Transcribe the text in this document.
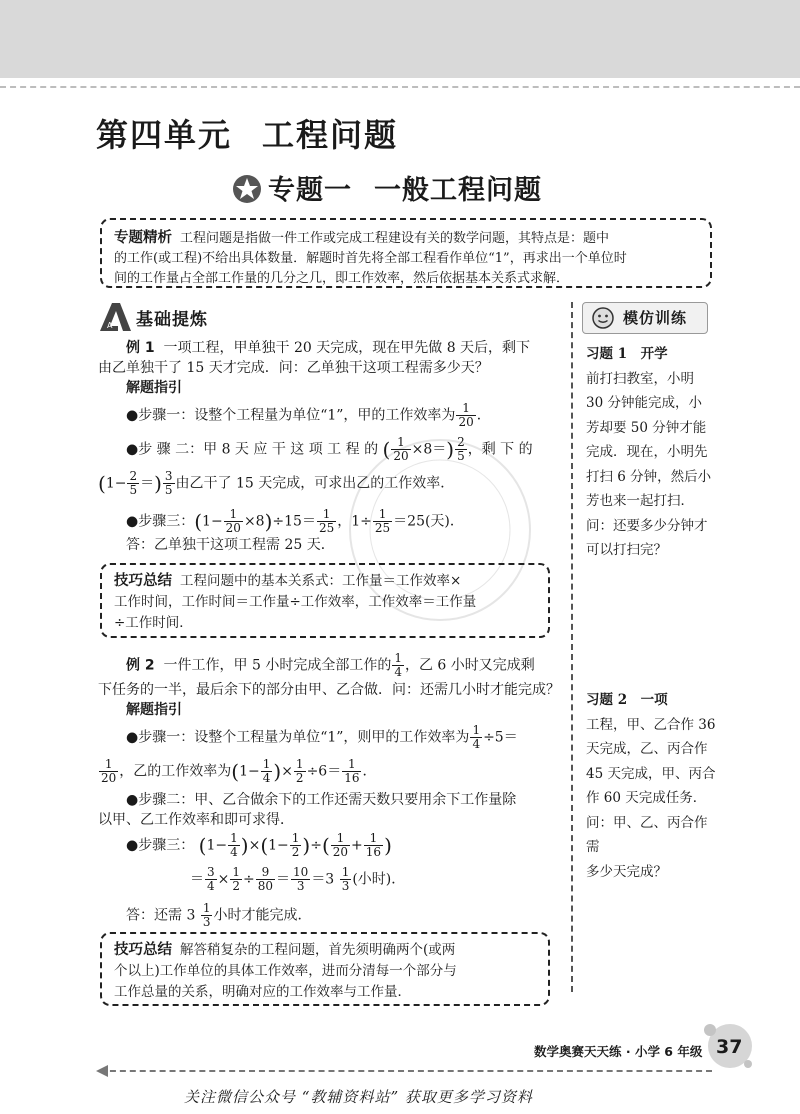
第四单元 工程问题
专题一 一般工程问题
专题精析 工程问题是指做一件工作或完成工程建设有关的数学问题，其特点是：题中
的工作(或工程)不给出具体数量．解题时首先将全部工程看作单位“1”，再求出一个单位时
间的工作量占全部工作量的几分之几，即工作效率，然后依据基本关系式求解．
A 基础提炼	模仿训练
例 1 一项工程，甲单独干 20 天完成，现在甲先做 8 天后，剩下
由乙单独干了 15 天才完成．问：乙单独干这项工程需多少天？
解题指引
●步骤一：设整个工程量为单位“1”，甲的工作效率为 $\frac{1}{20}$ ．
●步 骤 二：甲 8 天 应 干 这 项 工 程 的 ( $\frac{1}{20} \times 8=) \frac{2}{5}$ ，剩 下 的
($1- \frac{2}{5}$ ＝) $\frac{3}{5}$ 由乙干了 15 天完成，可求出乙的工作效率．
●步骤三：$(1- \frac{1}{20} \times 8)\div 15= \frac{1}{25}$ ，$1\div \frac{1}{25} =25$(天)．
答：乙单独干这项工程需 25 天．
技巧总结 工程问题中的基本关系式：工作量＝工作效率×
工作时间，工作时间＝工作量÷工作效率，工作效率＝工作量
÷工作时间．
例 2 一件工作，甲 5 小时完成全部工作的 $\frac{1}{4}$ ，乙 6 小时又完成剩
下任务的一半，最后余下的部分由甲、乙合做．问：还需几小时才能完成？
解题指引
●步骤一：设整个工程量为单位“1”，则甲的工作效率为 $\frac{1}{4} \div 5=$
$\frac{1}{20}$ ，乙的工作效率为($1- \frac{1}{4}$ )× $\frac{1}{2} \div 6= \frac{1}{16}$ ．
●步骤二：甲、乙合做余下的工作还需天数只要用余下工作量除
以甲、乙工作效率和即可求得．
●步骤三： $(1- \frac{1}{4} )\times(1- \frac{1}{2}$ )÷( $\frac{1}{20} + \frac{1}{16}$ )
＝ $\frac{3}{4} \times \frac{1}{2} \div \frac{9}{80} = \frac{10}{3} =3 \frac{1}{3}$ (小时)．
答：还需 $3 \frac{1}{3}$ 小时才能完成．
技巧总结 解答稍复杂的工程问题，首先须明确两个(或两
个以上)工作单位的具体工作效率，进而分清每一个部分与
工作总量的关系，明确对应的工作效率与工作量．
习题 1　开学
前打扫教室，小明
30 分钟能完成，小
芳却要 50 分钟才能
完成．现在，小明先
打扫 6 分钟，然后小
芳也来一起打扫．
问：还要多少分钟才
可以打扫完？
习题 2　一项
工程，甲、乙合作 36
天完成，乙、丙合作
45 天完成，甲、丙合
作 60 天完成任务．
问：甲、乙、丙合作需
多少天完成？
数学奥赛天天练 · 小学 6 年级 37
关注微信公众号 “教辅资料站” 获取更多学习资料
